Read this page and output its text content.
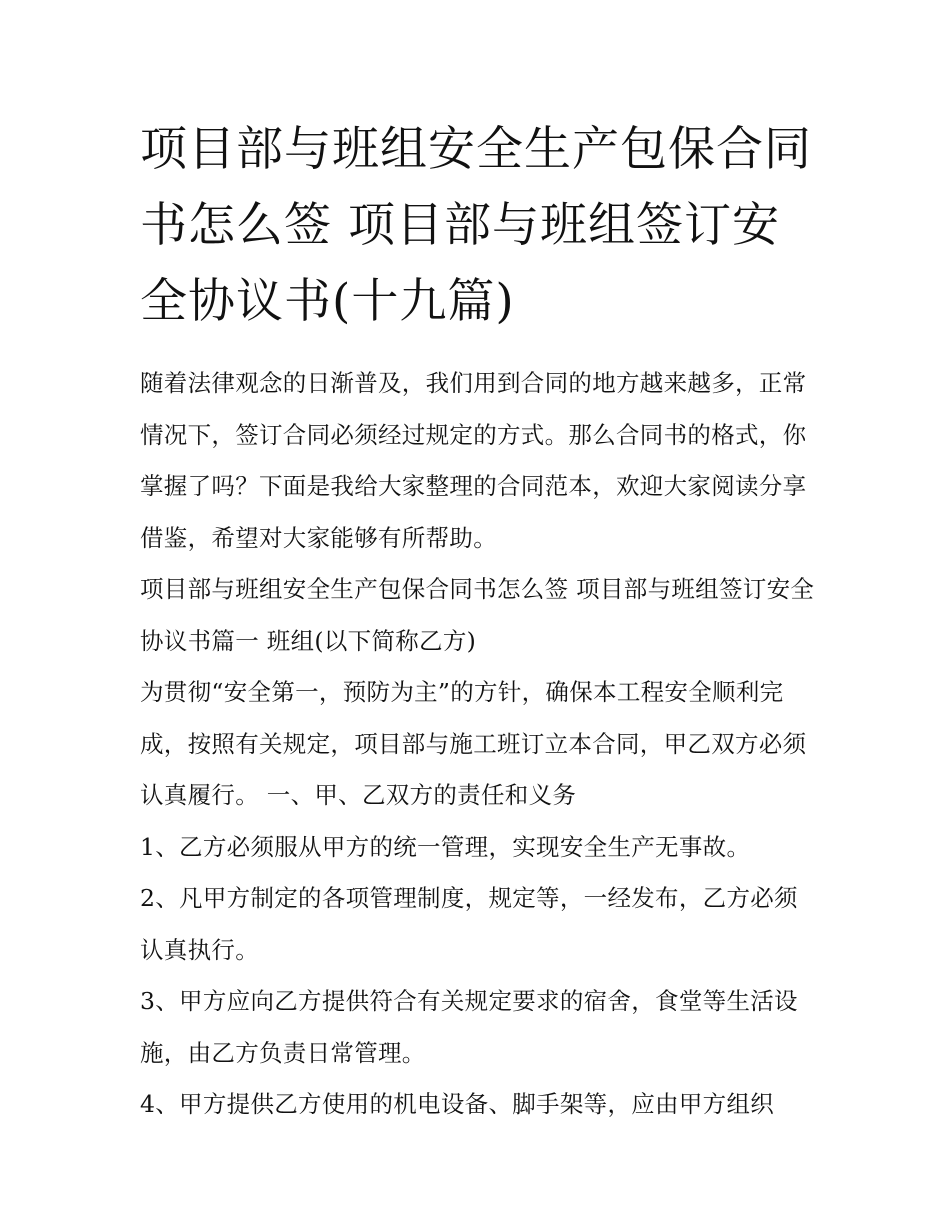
项目部与班组安全生产包保合同书怎么签 项目部与班组签订安全协议书(十九篇)

随着法律观念的日渐普及，我们用到合同的地方越来越多，正常情况下，签订合同必须经过规定的方式。那么合同书的格式，你掌握了吗？下面是我给大家整理的合同范本，欢迎大家阅读分享借鉴，希望对大家能够有所帮助。

项目部与班组安全生产包保合同书怎么签 项目部与班组签订安全协议书篇一 班组(以下简称乙方)

为贯彻“安全第一，预防为主”的方针，确保本工程安全顺利完成，按照有关规定，项目部与施工班订立本合同，甲乙双方必须认真履行。 一、甲、乙双方的责任和义务

1、乙方必须服从甲方的统一管理，实现安全生产无事故。

2、凡甲方制定的各项管理制度，规定等，一经发布，乙方必须认真执行。

3、甲方应向乙方提供符合有关规定要求的宿舍，食堂等生活设施，由乙方负责日常管理。

4、甲方提供乙方使用的机电设备、脚手架等，应由甲方组织
